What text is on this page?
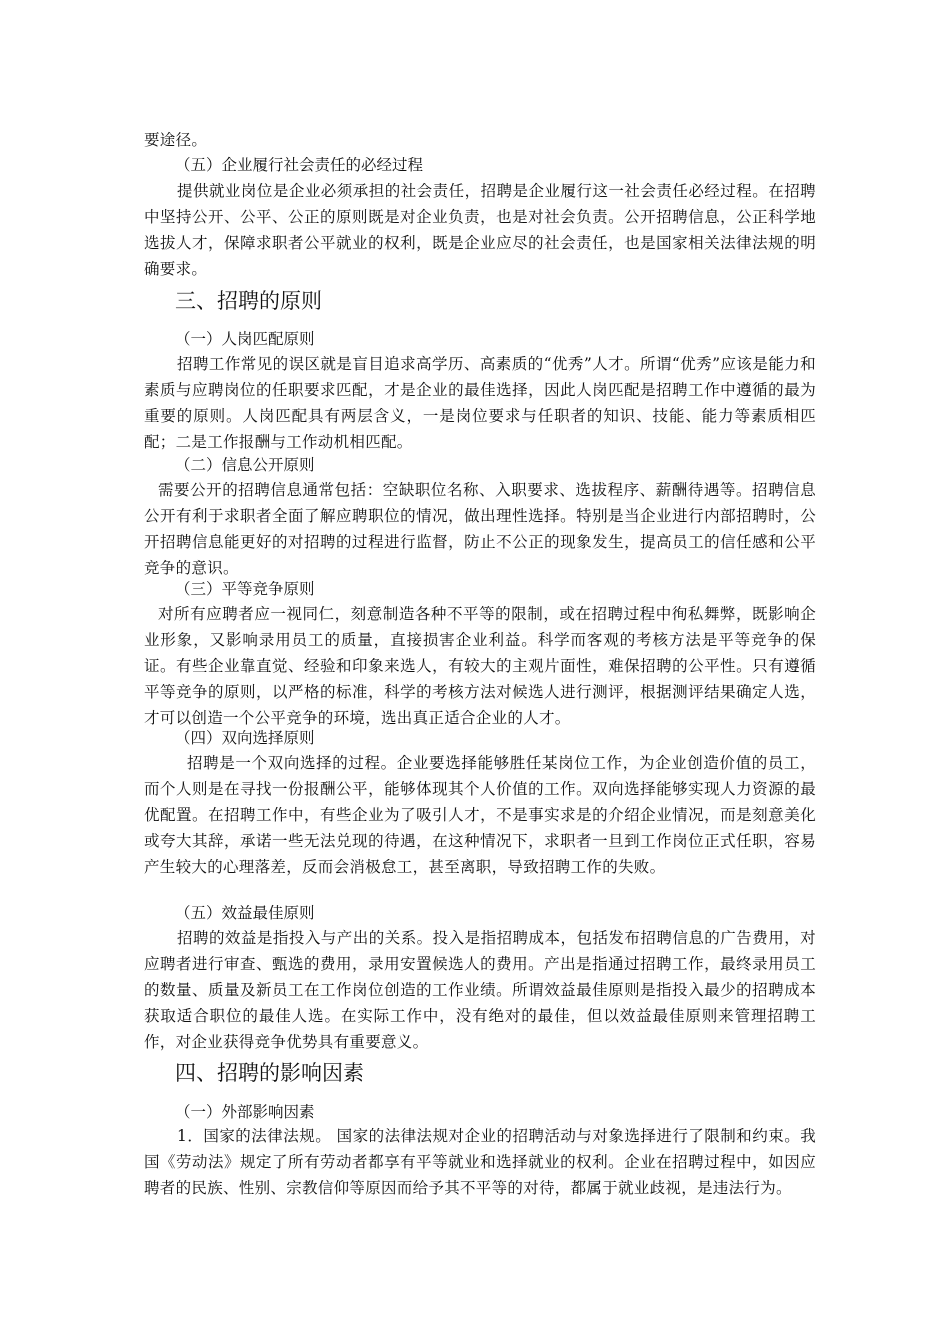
要途径。

（五）企业履行社会责任的必经过程

提供就业岗位是企业必须承担的社会责任，招聘是企业履行这一社会责任必经过程。在招聘中坚持公开、公平、公正的原则既是对企业负责，也是对社会负责。公开招聘信息，公正科学地选拔人才，保障求职者公平就业的权利，既是企业应尽的社会责任，也是国家相关法律法规的明确要求。

三、招聘的原则

（一）人岗匹配原则

招聘工作常见的误区就是盲目追求高学历、高素质的“优秀”人才。所谓“优秀”应该是能力和素质与应聘岗位的任职要求匹配，才是企业的最佳选择，因此人岗匹配是招聘工作中遵循的最为重要的原则。人岗匹配具有两层含义，一是岗位要求与任职者的知识、技能、能力等素质相匹配；二是工作报酬与工作动机相匹配。

（二）信息公开原则

需要公开的招聘信息通常包括：空缺职位名称、入职要求、选拔程序、薪酬待遇等。招聘信息公开有利于求职者全面了解应聘职位的情况，做出理性选择。特别是当企业进行内部招聘时，公开招聘信息能更好的对招聘的过程进行监督，防止不公正的现象发生，提高员工的信任感和公平竞争的意识。

（三）平等竞争原则

对所有应聘者应一视同仁，刻意制造各种不平等的限制，或在招聘过程中徇私舞弊，既影响企业形象，又影响录用员工的质量，直接损害企业利益。科学而客观的考核方法是平等竞争的保证。有些企业靠直觉、经验和印象来选人，有较大的主观片面性，难保招聘的公平性。只有遵循平等竞争的原则，以严格的标准，科学的考核方法对候选人进行测评，根据测评结果确定人选，才可以创造一个公平竞争的环境，选出真正适合企业的人才。

（四）双向选择原则

招聘是一个双向选择的过程。企业要选择能够胜任某岗位工作，为企业创造价值的员工，而个人则是在寻找一份报酬公平，能够体现其个人价值的工作。双向选择能够实现人力资源的最优配置。在招聘工作中，有些企业为了吸引人才，不是事实求是的介绍企业情况，而是刻意美化或夸大其辞，承诺一些无法兑现的待遇，在这种情况下，求职者一旦到工作岗位正式任职，容易产生较大的心理落差，反而会消极怠工，甚至离职，导致招聘工作的失败。

（五）效益最佳原则

招聘的效益是指投入与产出的关系。投入是指招聘成本，包括发布招聘信息的广告费用，对应聘者进行审查、甄选的费用，录用安置候选人的费用。产出是指通过招聘工作，最终录用员工的数量、质量及新员工在工作岗位创造的工作业绩。所谓效益最佳原则是指投入最少的招聘成本获取适合职位的最佳人选。在实际工作中，没有绝对的最佳，但以效益最佳原则来管理招聘工作，对企业获得竞争优势具有重要意义。

四、招聘的影响因素

（一）外部影响因素

1．国家的法律法规。 国家的法律法规对企业的招聘活动与对象选择进行了限制和约束。我国《劳动法》规定了所有劳动者都享有平等就业和选择就业的权利。企业在招聘过程中，如因应聘者的民族、性别、宗教信仰等原因而给予其不平等的对待，都属于就业歧视，是违法行为。
